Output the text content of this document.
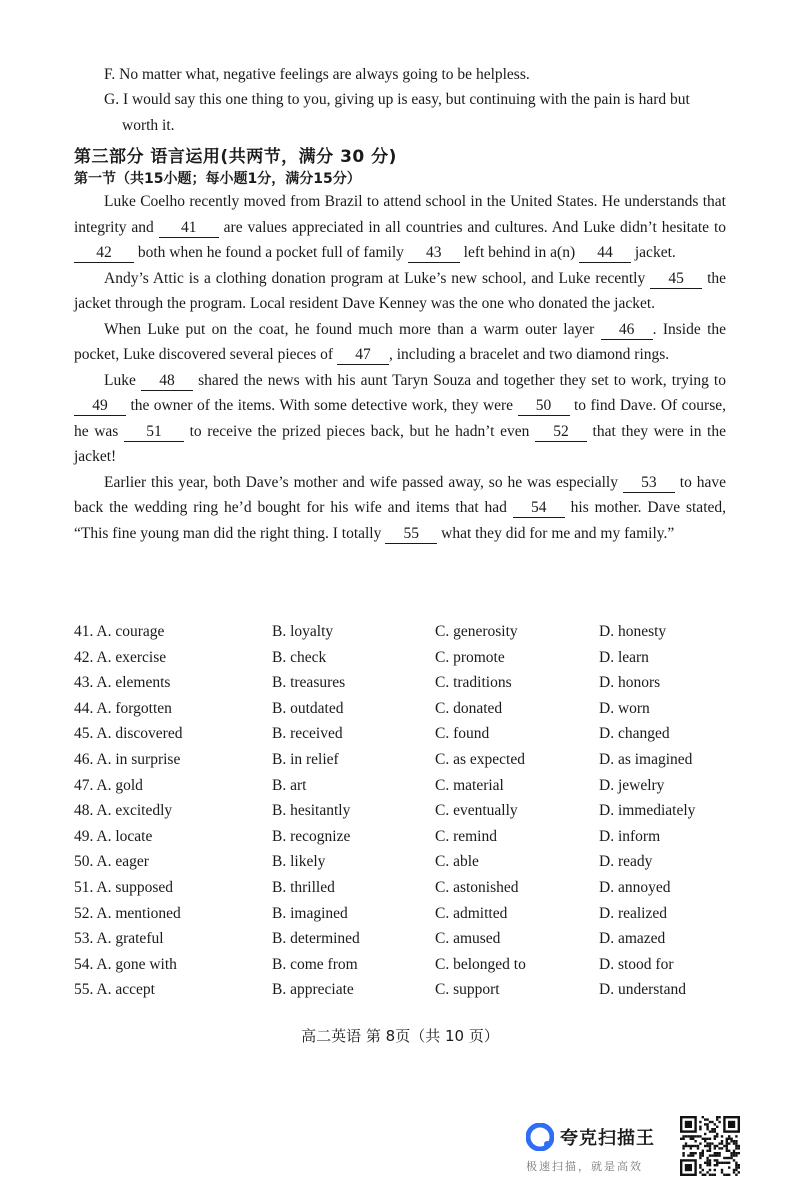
F. No matter what, negative feelings are always going to be helpless.
G. I would say this one thing to you, giving up is easy, but continuing with the pain is hard but
worth it.
第三部分 语言运用(共两节，满分 30 分)
第一节（共15小题；每小题1分，满分15分）

Luke Coelho recently moved from Brazil to attend school in the United States. He understands that integrity and 41 are values appreciated in all countries and cultures. And Luke didn’t hesitate to 42 both when he found a pocket full of family 43 left behind in a(n) 44 jacket.

Andy’s Attic is a clothing donation program at Luke’s new school, and Luke recently 45 the jacket through the program. Local resident Dave Kenney was the one who donated the jacket.

When Luke put on the coat, he found much more than a warm outer layer 46 . Inside the pocket, Luke discovered several pieces of 47 , including a bracelet and two diamond rings.

Luke 48 shared the news with his aunt Taryn Souza and together they set to work, trying to 49 the owner of the items. With some detective work, they were 50 to find Dave. Of course, he was 51 to receive the prized pieces back, but he hadn’t even 52 that they were in the jacket!

Earlier this year, both Dave’s mother and wife passed away, so he was especially 53 to have back the wedding ring he’d bought for his wife and items that had 54 his mother. Dave stated, “This fine young man did the right thing. I totally 55 what they did for me and my family.”

41. A. courage	B. loyalty	C. generosity	D. honesty
42. A. exercise	B. check	C. promote	D. learn
43. A. elements	B. treasures	C. traditions	D. honors
44. A. forgotten	B. outdated	C. donated	D. worn
45. A. discovered	B. received	C. found	D. changed
46. A. in surprise	B. in relief	C. as expected	D. as imagined
47. A. gold	B. art	C. material	D. jewelry
48. A. excitedly	B. hesitantly	C. eventually	D. immediately
49. A. locate	B. recognize	C. remind	D. inform
50. A. eager	B. likely	C. able	D. ready
51. A. supposed	B. thrilled	C. astonished	D. annoyed
52. A. mentioned	B. imagined	C. admitted	D. realized
53. A. grateful	B. determined	C. amused	D. amazed
54. A. gone with	B. come from	C. belonged to	D. stood for
55. A. accept	B. appreciate	C. support	D. understand
高二英语 第 8页（共 10 页）
夸克扫描王
极速扫描，就是高效
